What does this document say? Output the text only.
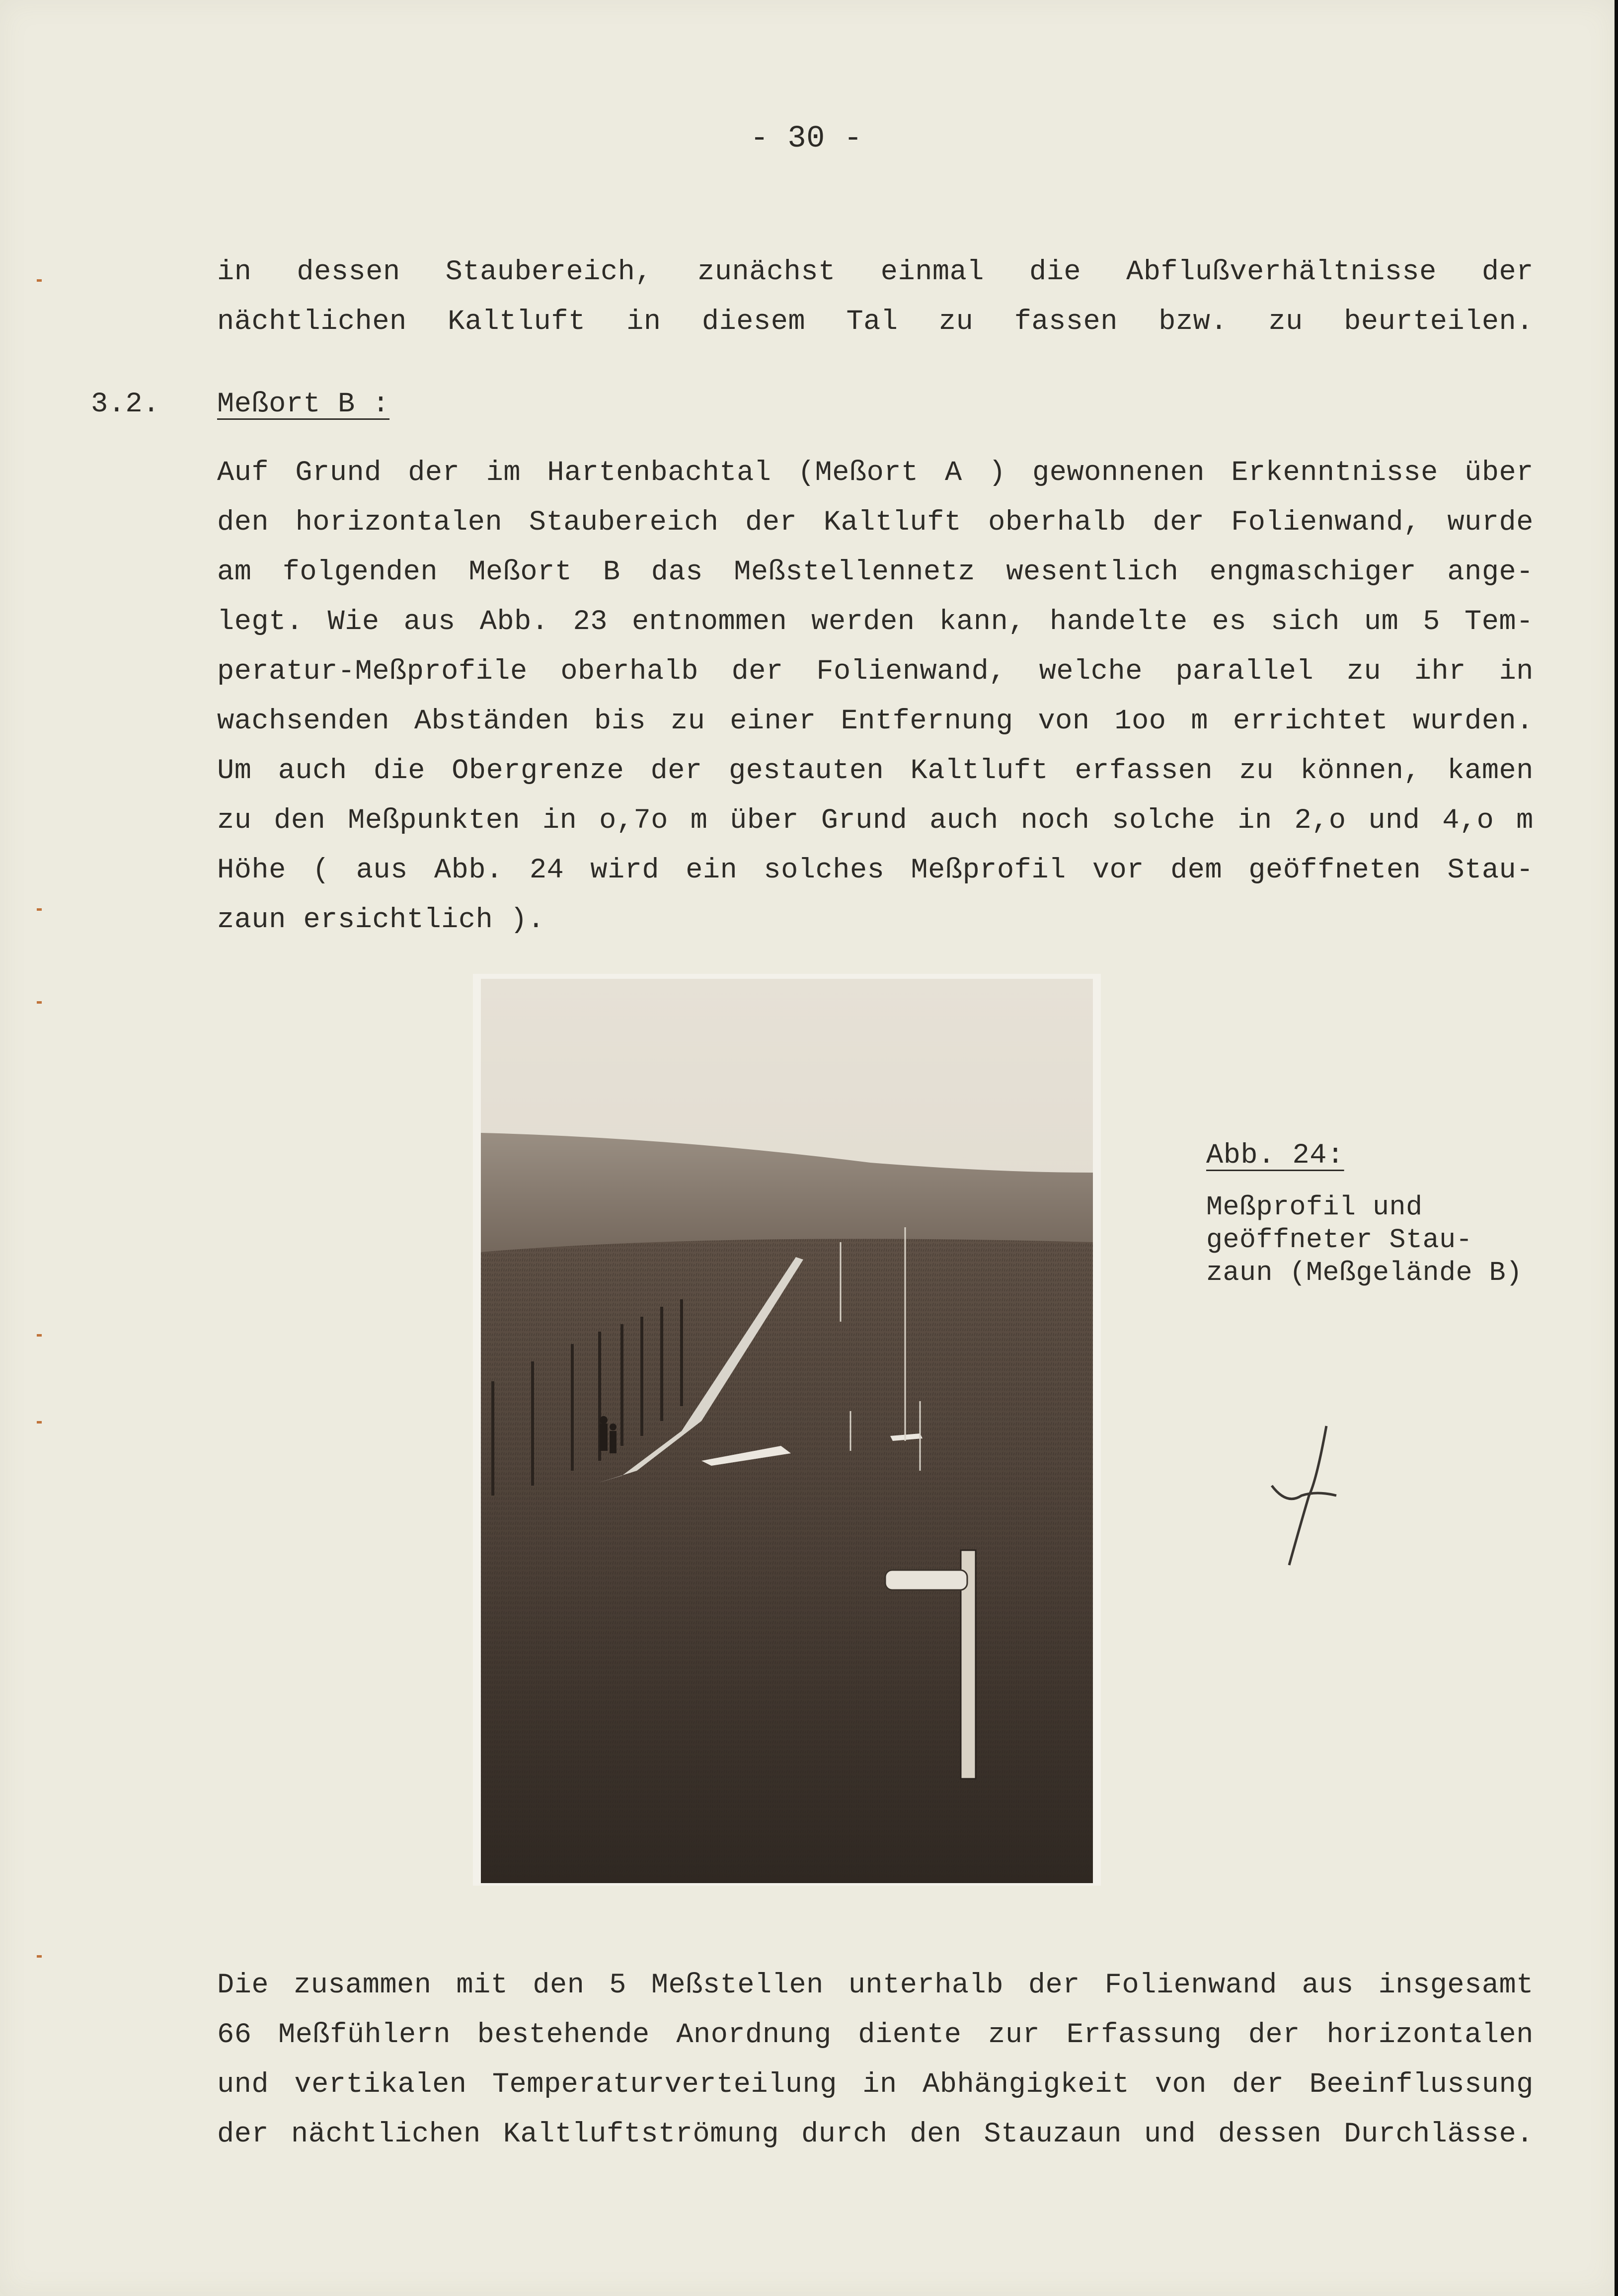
- 30 -
in dessen Staubereich, zunächst einmal die Abflußverhältnisse der
nächtlichen Kaltluft in diesem Tal zu fassen bzw. zu beurteilen.
3.2. Meßort B :
Auf Grund der im Hartenbachtal (Meßort A ) gewonnenen Erkenntnisse über
den horizontalen Staubereich der Kaltluft oberhalb der Folienwand, wurde
am folgenden Meßort B das Meßstellennetz wesentlich engmaschiger ange-
legt. Wie aus Abb. 23 entnommen werden kann, handelte es sich um 5 Tem-
peratur-Meßprofile oberhalb der Folienwand, welche parallel zu ihr in
wachsenden Abständen bis zu einer Entfernung von 1oo m errichtet wurden.
Um auch die Obergrenze der gestauten Kaltluft erfassen zu können, kamen
zu den Meßpunkten in o,7o m über Grund auch noch solche in 2,o und 4,o m
Höhe ( aus Abb. 24 wird ein solches Meßprofil vor dem geöffneten Stau-
zaun ersichtlich ).
Abb. 24:
Meßprofil und
geöffneter Stau-
zaun (Meßgelände B)
Die zusammen mit den 5 Meßstellen unterhalb der Folienwand aus insgesamt
66 Meßfühlern bestehende Anordnung diente zur Erfassung der horizontalen
und vertikalen Temperaturverteilung in Abhängigkeit von der Beeinflussung
der nächtlichen Kaltluftströmung durch den Stauzaun und dessen Durchlässe.
